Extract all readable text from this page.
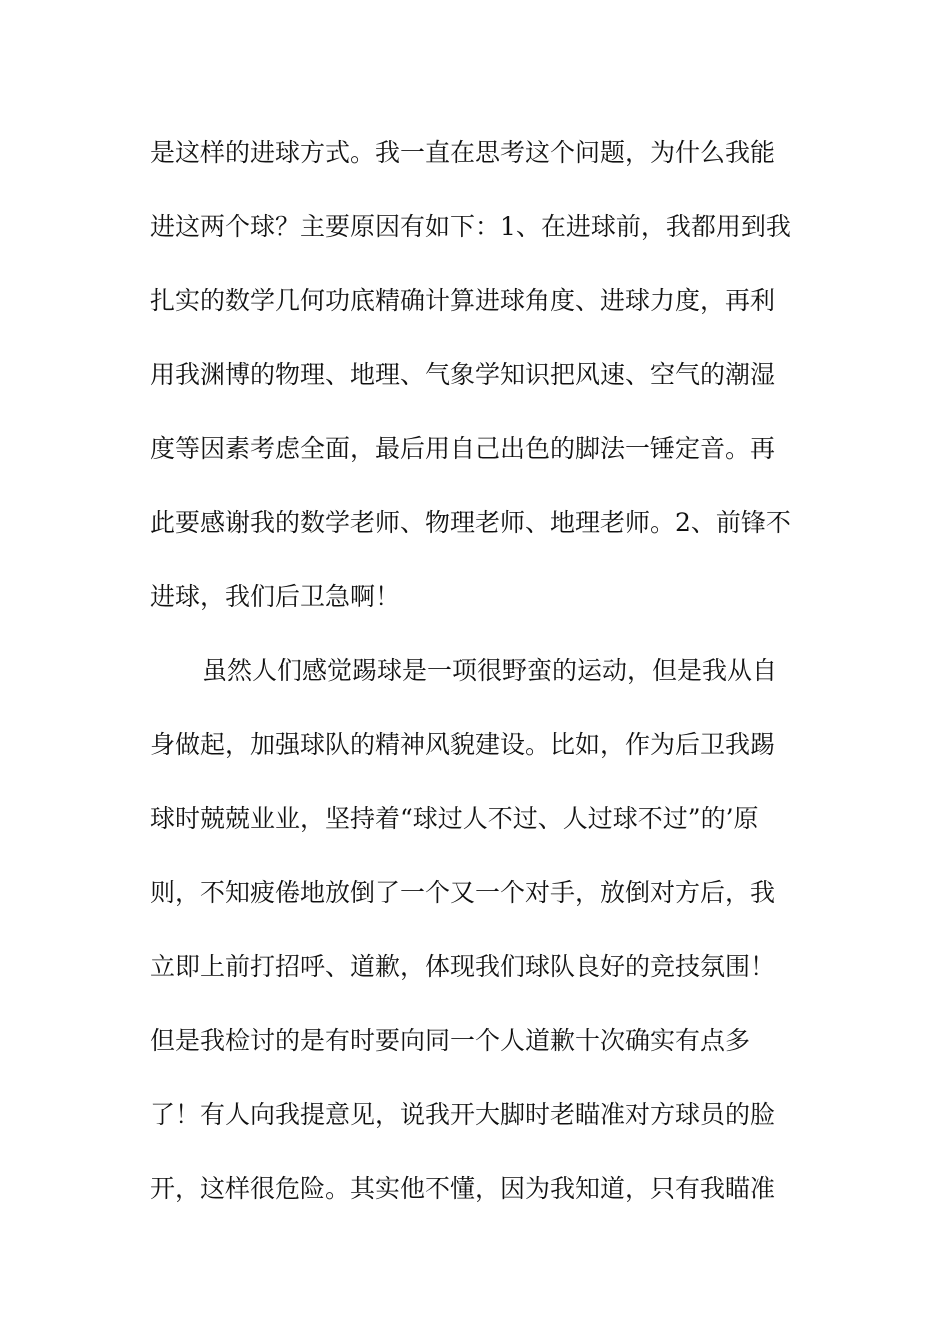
是这样的进球方式。我一直在思考这个问题，为什么我能
进这两个球？主要原因有如下：1、在进球前，我都用到我
扎实的数学几何功底精确计算进球角度、进球力度，再利
用我渊博的物理、地理、气象学知识把风速、空气的潮湿
度等因素考虑全面，最后用自己出色的脚法一锤定音。再
此要感谢我的数学老师、物理老师、地理老师。2、前锋不
进球，我们后卫急啊！
虽然人们感觉踢球是一项很野蛮的运动，但是我从自
身做起，加强球队的精神风貌建设。比如，作为后卫我踢
球时兢兢业业，坚持着“球过人不过、人过球不过”的’原
则，不知疲倦地放倒了一个又一个对手，放倒对方后，我
立即上前打招呼、道歉，体现我们球队良好的竞技氛围！
但是我检讨的是有时要向同一个人道歉十次确实有点多
了！有人向我提意见，说我开大脚时老瞄准对方球员的脸
开，这样很危险。其实他不懂，因为我知道，只有我瞄准
